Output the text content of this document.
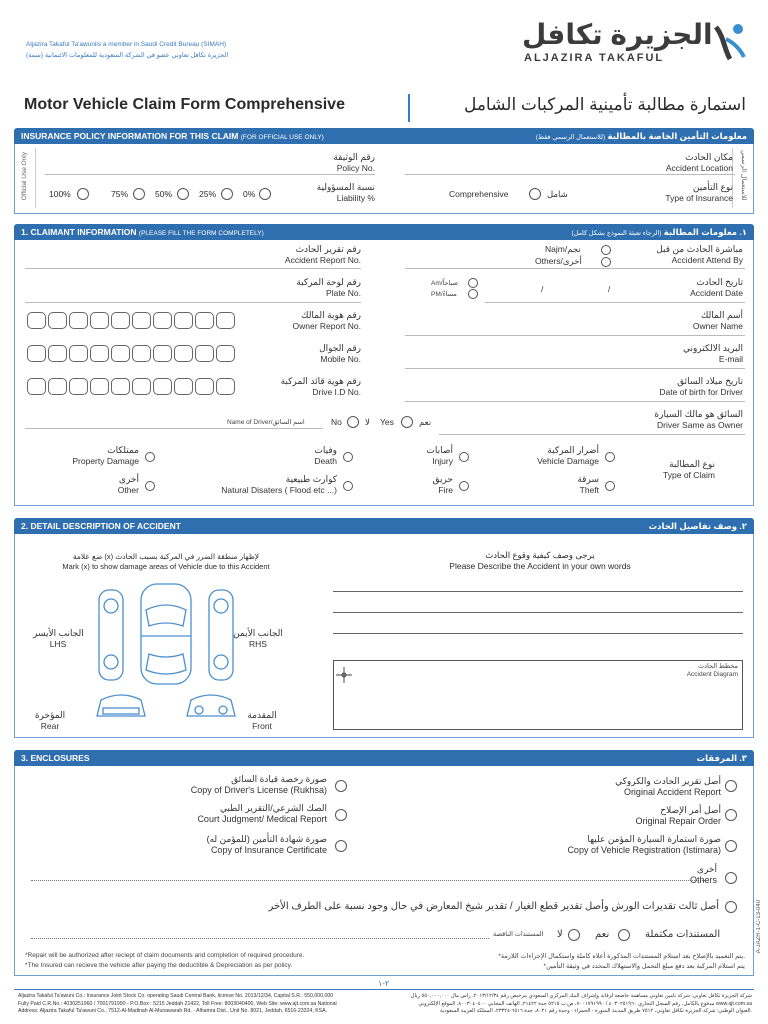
Aljazira Takaful Ta'awuniis a member in Saudi Credit Bureau (SIMAH)
الجزيرة تكافل تعاوني عضو في الشركة السعودية للمعلومات الائتمانية (سمة)
الجزيرة تكافل
ALJAZIRA TAKAFUL
Motor Vehicle Claim Form Comprehensive	استمارة مطالبة تأمينية المركبات الشامل
INSURANCE POLICY INFORMATION FOR THIS CLAIM (FOR OFFICIAL USE ONLY)	(للاستعمال الرسمي فقط) معلومات التأمين الخاصة بالمطالبة
Official Use Only	للاستعمال الرسمي
رقم الوثيقة
Policy No.
مكان الحادث
Accident Location
نسبة المسؤولية
Liability %
100%	75%	50%	25%	0%
نوع التأمين
Type of Insurance
Comprehensive	شامل
1. CLAIMANT INFORMATION (PLEASE FILL THE FORM COMPLETELY)	(الرجاء تعبئة النموذج بشكل كامل) ١. معلومات المطالبة
رقم تقرير الحادث
Accident Report No.
Najm/نجم
Others/أخرى
مباشرة الحادث من قبل
Accident Attend By
رقم لوحة المركبة
Plate No.
Am/صباحاً
PM/مساءً
/	/
تاريخ الحادث
Accident Date
رقم هوية المالك
Owner Report No.
أسم المالك
Owner Name
رقم الجوال
Mobile No.
البريد الالكتروني
E-mail
رقم هوية قائد المركبة
Drive I.D No.
تاريخ ميلاد السائق
Date of birth for Driver
Name of Driver/اسم السائق	No	لا Yes	نعم
السائق هو مالك السيارة
Driver Same as Owner
نوع المطالبة
Type of Claim
أضرار المركبة
Vehicle Damage
أصابات
Injury
وفيات
Death
ممتلكات
Property Damage
سرقة
Theft
حريق
Fire
كوارث طبيعية
Natural Disaters ( Flood etc ...)
أخرى
Other
2. DETAIL DESCRIPTION OF ACCIDENT	٢. وصف تفاصيل الحادث
ضع علامة (x) لإظهار منطقة الضرر في المركبة بسبب الحادث
Mark (x) to show damage areas of Vehicle due to this Accident
الجانب الأيسر
LHS
الجانب الأيمن
RHS
المؤخرة
Rear
المقدمة
Front
يرجى وصف كيفية وقوع الحادث
Please Describe the Accident in your own words
مخطط الحادث
Accident Diagram
3. ENCLOSURES	٣. المرفقات
صورة رخصة قيادة السائق
Copy of Driver's License (Rukhsa)
الصك الشرعي/التقرير الطبي
Court Judgment/ Medical Report
صورة شهادة التأمين (للمؤمن له)
Copy of Insurance Certificate
أصل تقرير الحادث والكروكي
Original Accident Report
أصل أمر الإصلاح
Original Repair Order
صورة استمارة السيارة المؤمن عليها
Copy of Vehicle Registration (Istimara)
أخرى
Others
أصل ثالث تقديرات الورش وأصل تقدير قطع الغيار / تقدير شيخ المعارض في حال وجود نسبة على الطرف الأخر
المستندات الناقصة لا	نعم	المستندات مكتملة
*Repair will be authorized after reciept of claim documents and completion of required procedure.
*The Insured can recieve the vehicle after paying the deductible & Depreciation as per policy.
*يتم التعميد بالإصلاح بعد استلام المستندات المذكورة أعلاه كاملة واستكمال الإجراءات اللازمة.
*يتم استلام المركبة بعد دفع مبلغ التحمل والاستهلاك المحدد في وثيقة التأمين
A-JAZR-1-C-13-040
٢-١
Aljazira Takaful Ta'awuni Co.: Insurance Joint Stock Co. operating Saudi Central Bank, license No. 2013/12/34, Capital S.R.: 550,000,000
Fully Paid C.R.No.: 4030251960 / 7001791990 - P.O.Box : 5215 Jeddah 21422, Toll Free: 8003040400, Web Site: www.ajt.com.sa National
Address: Aljazira Takaful Ta'awuni Co., 7512-Al-Madinah Al-Munawarah Rd. - Alhamra Dist., Unit No. 8021, Jeddah, 6516-23324, KSA.
شركة الجزيرة تكافل تعاوني: شركة تأمين تعاوني مساهمة خاضعة لرقابة وإشراف البنك المركزي السعودي بترخيص رقم ٢٠١٣/١٢/٣٤، رأس مال ٥٥٠,٠٠٠,٠٠٠ ريال
مدفوع بالكامل، رقم السجل التجاري ٤٠٣٠٢٥١٩٦٠ / ٧٠٠١٧٩١٩٩٠، ص.ب ٥٢١٥ جدة ٢١٤٢٢، الهاتف المجاني ٨٠٠٣٠٤٠٤٠٠، الموقع الإلكتروني www.ajt.com.sa
العنوان الوطني: شركة الجزيرة تكافل تعاوني، ٧٥١٢ طريق المدينة المنورة - الحمراء - وحدة رقم ٨٠٢١، جدة ٦٥١٦-٢٣٣٢٤، المملكة العربية السعودية.
